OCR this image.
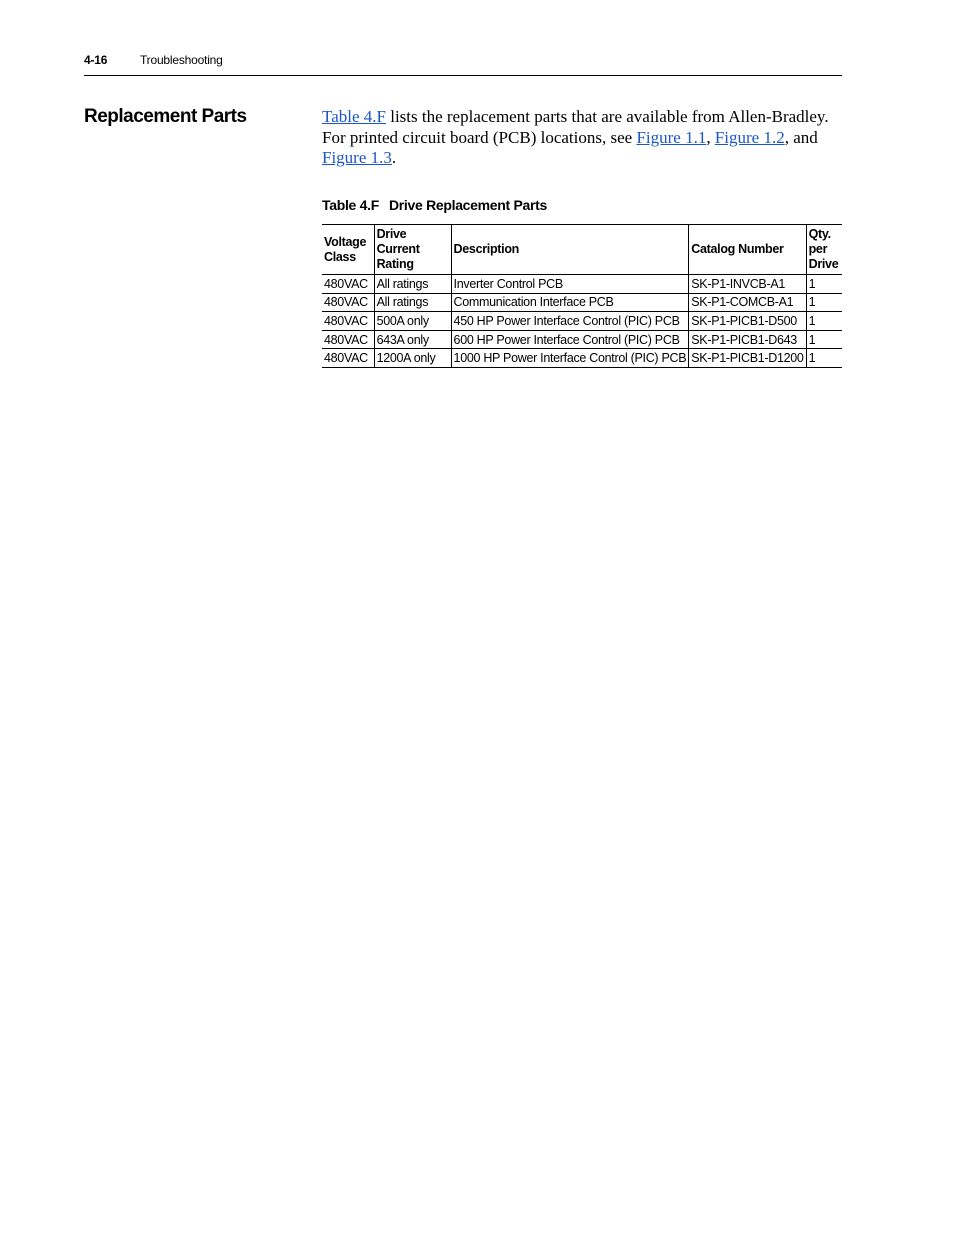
4-16	Troubleshooting
Replacement Parts	Table 4.F lists the replacement parts that are available from Allen-Bradley. For printed circuit board (PCB) locations, see Figure 1.1, Figure 1.2, and Figure 1.3.

Table 4.F Drive Replacement Parts

Voltage Class	Drive Current Rating	Description	Catalog Number	Qty. per Drive
480VAC	All ratings	Inverter Control PCB	SK-P1-INVCB-A1	1
480VAC	All ratings	Communication Interface PCB	SK-P1-COMCB-A1	1
480VAC	500A only	450 HP Power Interface Control (PIC) PCB	SK-P1-PICB1-D500	1
480VAC	643A only	600 HP Power Interface Control (PIC) PCB	SK-P1-PICB1-D643	1
480VAC	1200A only	1000 HP Power Interface Control (PIC) PCB	SK-P1-PICB1-D1200	1
